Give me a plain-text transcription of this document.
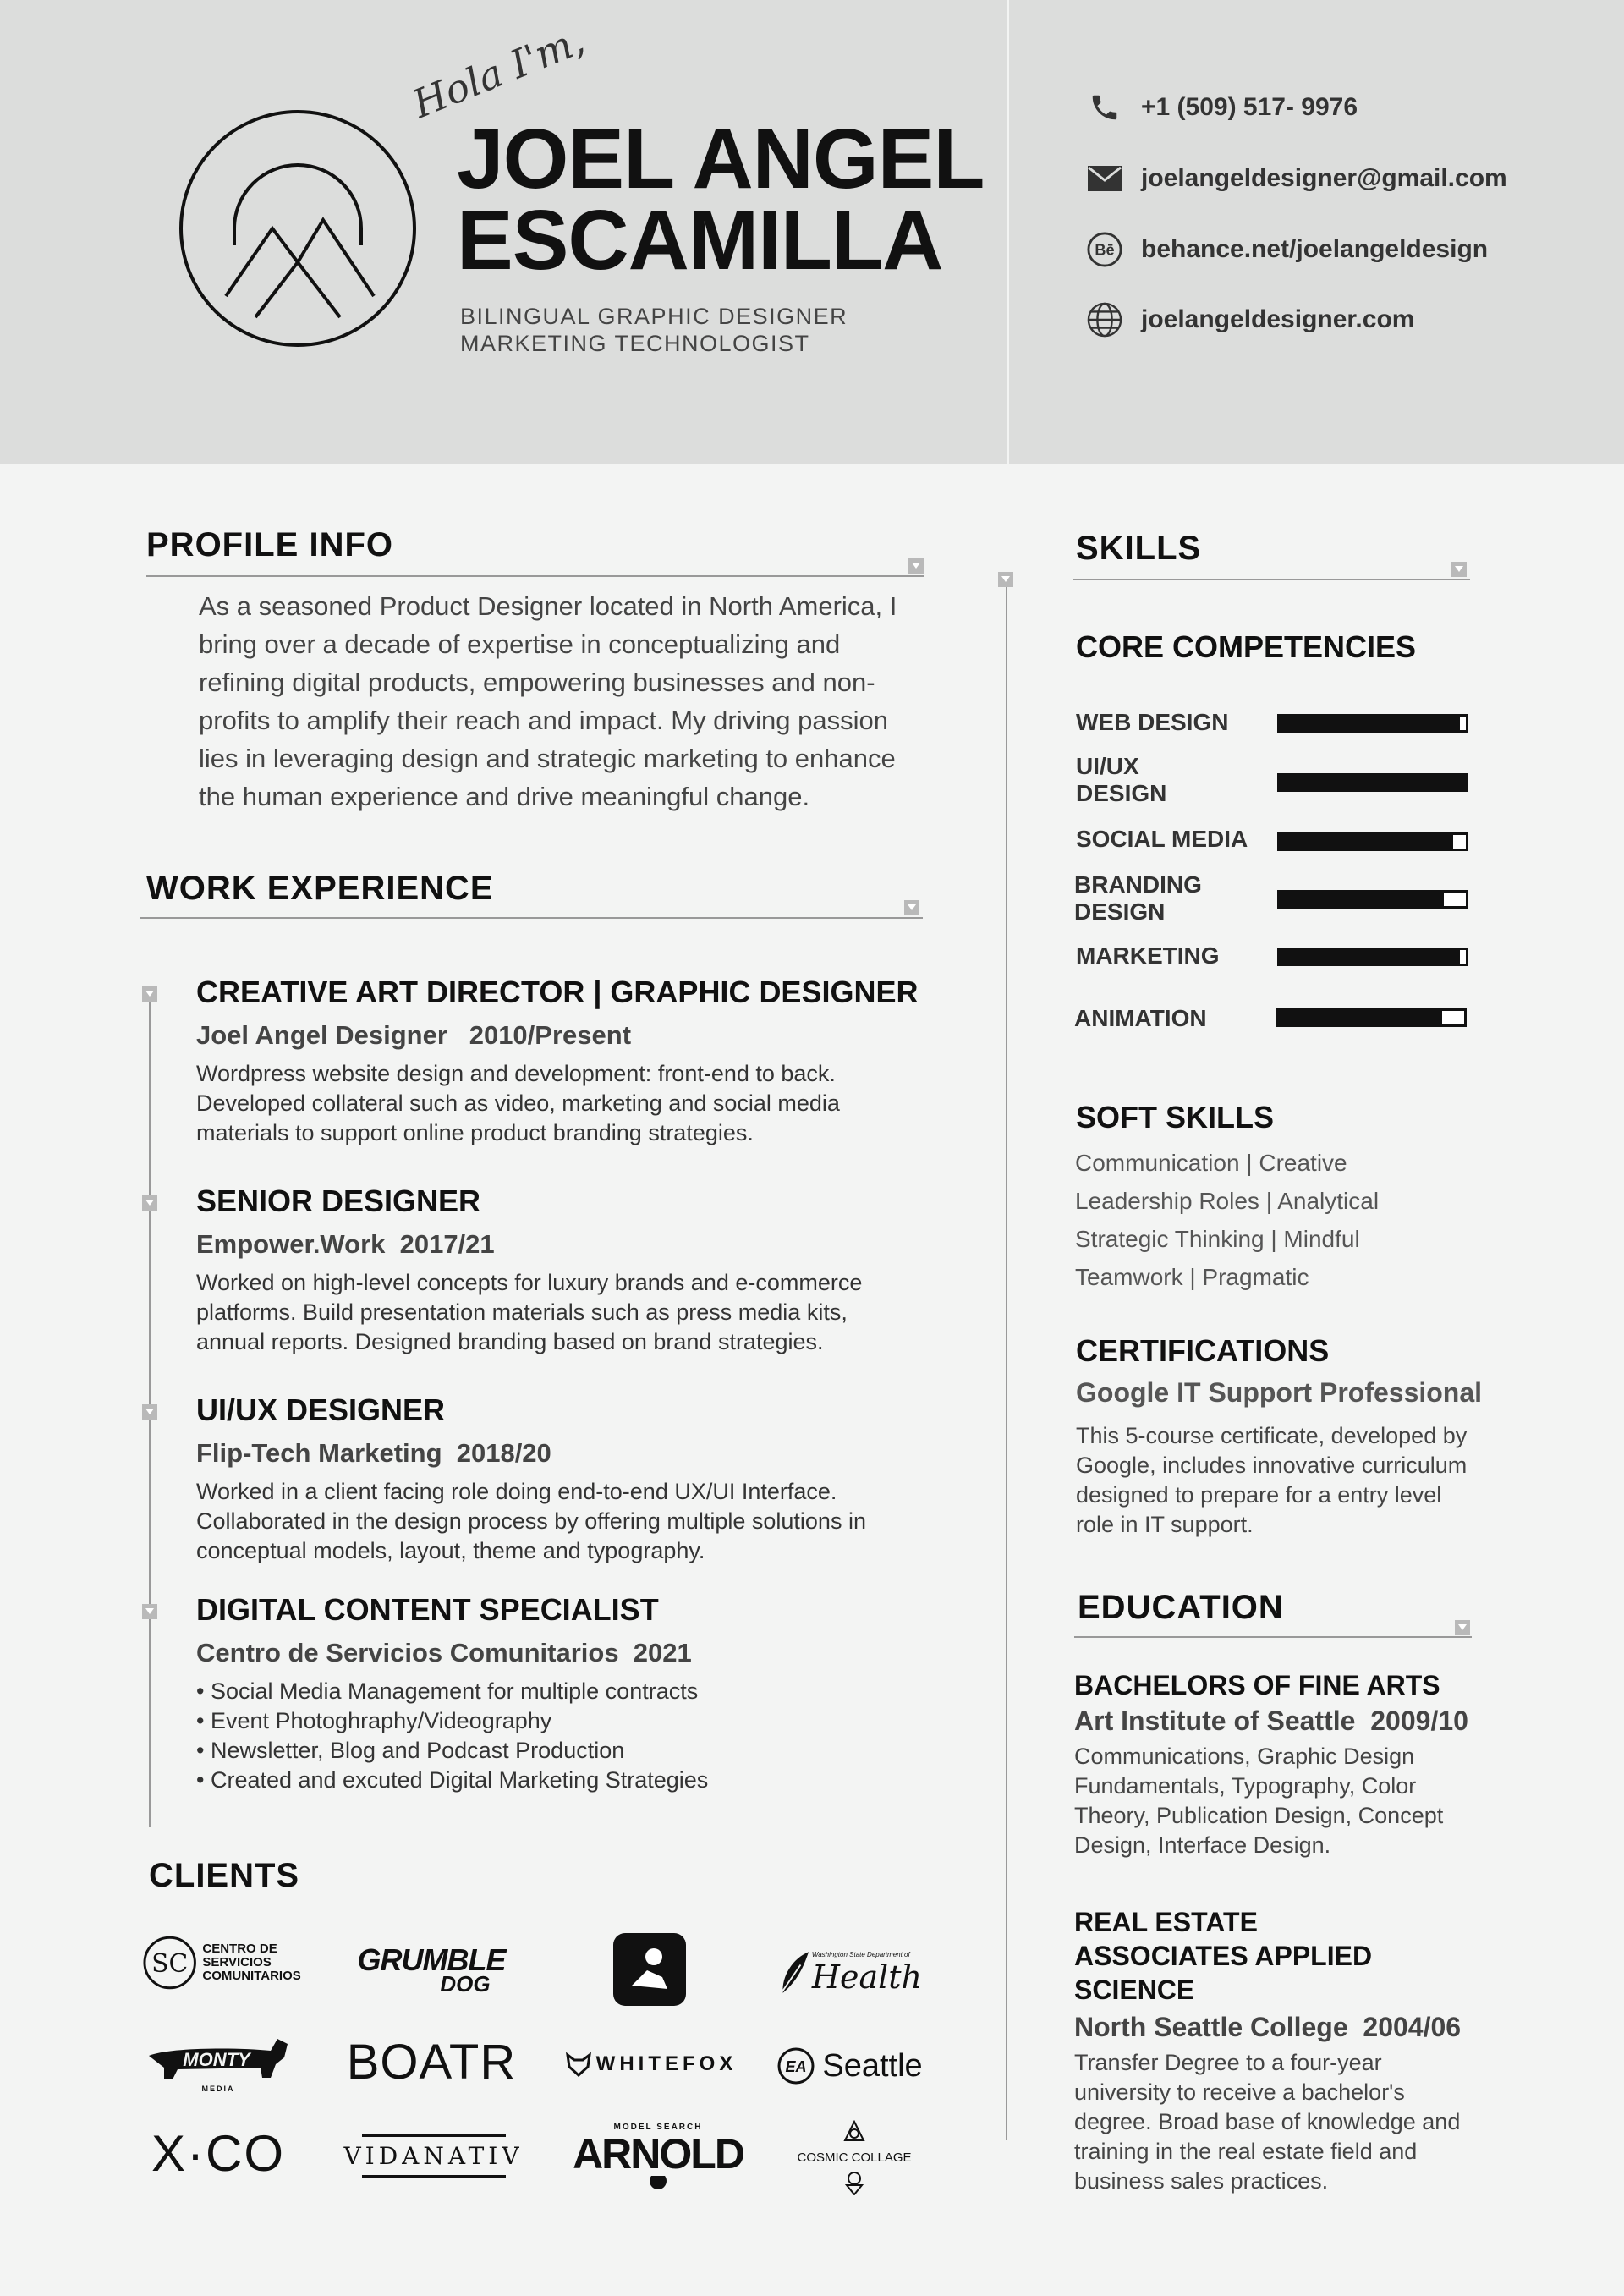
Hola I'm,
JOEL ANGEL
ESCAMILLA
BILINGUAL GRAPHIC DESIGNER
MARKETING TECHNOLOGIST
+1 (509) 517- 9976
joelangeldesigner@gmail.com
Bē behance.net/joelangeldesign
joelangeldesigner.com
PROFILE INFO
As a seasoned Product Designer located in North America, I bring over a decade of expertise in conceptualizing and refining digital products, empowering businesses and non-profits to amplify their reach and impact. My driving passion lies in leveraging design and strategic marketing to enhance the human experience and drive meaningful change.
WORK EXPERIENCE
CREATIVE ART DIRECTOR | GRAPHIC DESIGNER
Joel Angel Designer   2010/Present
Wordpress website design and development: front-end to back. Developed collateral such as video, marketing and social media materials to support online product branding strategies.
SENIOR DESIGNER
Empower.Work  2017/21
Worked on high-level concepts for luxury brands and e-commerce platforms. Build presentation materials such as press media kits, annual reports. Designed branding based on brand strategies.
UI/UX DESIGNER
Flip-Tech Marketing  2018/20
Worked in a client facing role doing end-to-end UX/UI Interface. Collaborated in the design process by offering multiple solutions in conceptual models, layout, theme and typography.
DIGITAL CONTENT SPECIALIST
Centro de Servicios Comunitarios  2021
• Social Media Management for multiple contracts
• Event Photoghraphy/Videography
• Newsletter, Blog and Podcast Production
• Created and excuted Digital Marketing Strategies
CLIENTS
SC
CENTRO DE SERVICIOS COMUNITARIOS	GRUMBLE
DOG
Washington State Department of
Health
MONTY
MEDIA BOATR	WHITEFOX	EA Seattle
X·CO VIDANATIV
MODEL SEARCH
ARNOLD	COSMIC COLLAGE
SKILLS
CORE COMPETENCIES
WEB DESIGN
UI/UX DESIGN
SOCIAL MEDIA
BRANDING DESIGN
MARKETING
ANIMATION
SOFT SKILLS
Communication | Creative
Leadership Roles | Analytical
Strategic Thinking | Mindful
Teamwork | Pragmatic
CERTIFICATIONS
Google IT Support Professional
This 5-course certificate, developed by Google, includes innovative curriculum designed to prepare for a entry level role in IT support.
EDUCATION
BACHELORS OF FINE ARTS
Art Institute of Seattle  2009/10
Communications, Graphic Design Fundamentals, Typography, Color Theory, Publication Design, Concept Design, Interface Design.
REAL ESTATE  ASSOCIATES APPLIED SCIENCE
North Seattle College  2004/06
Transfer Degree to a four-year university to receive a bachelor's degree. Broad base of knowledge and training in the real estate field and business sales practices.
